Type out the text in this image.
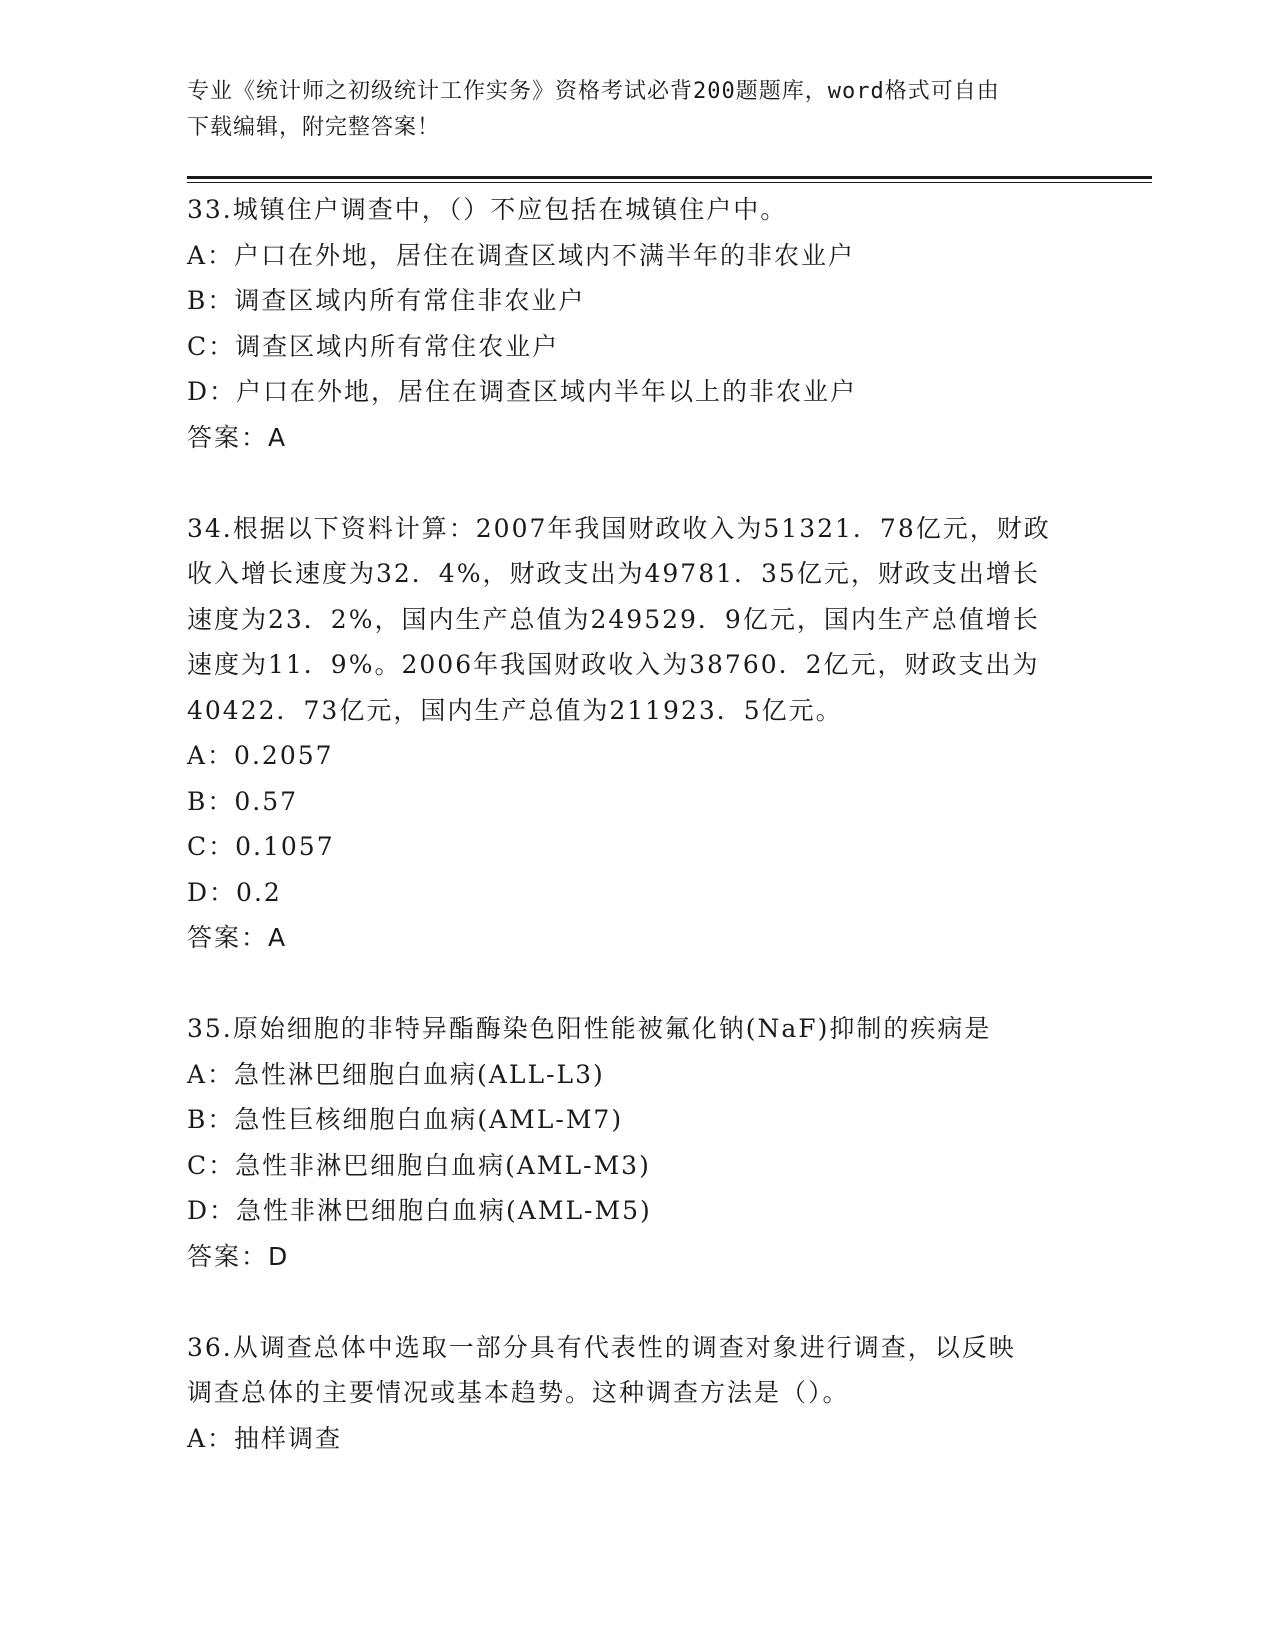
专业《统计师之初级统计工作实务》资格考试必背200题题库，word格式可自由
下载编辑，附完整答案！
33.城镇住户调查中，（）不应包括在城镇住户中。
A：户口在外地，居住在调查区域内不满半年的非农业户
B：调查区域内所有常住非农业户
C：调查区域内所有常住农业户
D：户口在外地，居住在调查区域内半年以上的非农业户
答案：A
34.根据以下资料计算：2007年我国财政收入为51321．78亿元，财政
收入增长速度为32．4%，财政支出为49781．35亿元，财政支出增长
速度为23．2%，国内生产总值为249529．9亿元，国内生产总值增长
速度为11．9%。2006年我国财政收入为38760．2亿元，财政支出为
40422．73亿元，国内生产总值为211923．5亿元。
A：0.2057
B：0.57
C：0.1057
D：0.2
答案：A
35.原始细胞的非特异酯酶染色阳性能被氟化钠(NaF)抑制的疾病是
A：急性淋巴细胞白血病(ALL-L3)
B：急性巨核细胞白血病(AML-M7)
C：急性非淋巴细胞白血病(AML-M3)
D：急性非淋巴细胞白血病(AML-M5)
答案：D
36.从调查总体中选取一部分具有代表性的调查对象进行调查，以反映
调查总体的主要情况或基本趋势。这种调查方法是（）。
A：抽样调查
